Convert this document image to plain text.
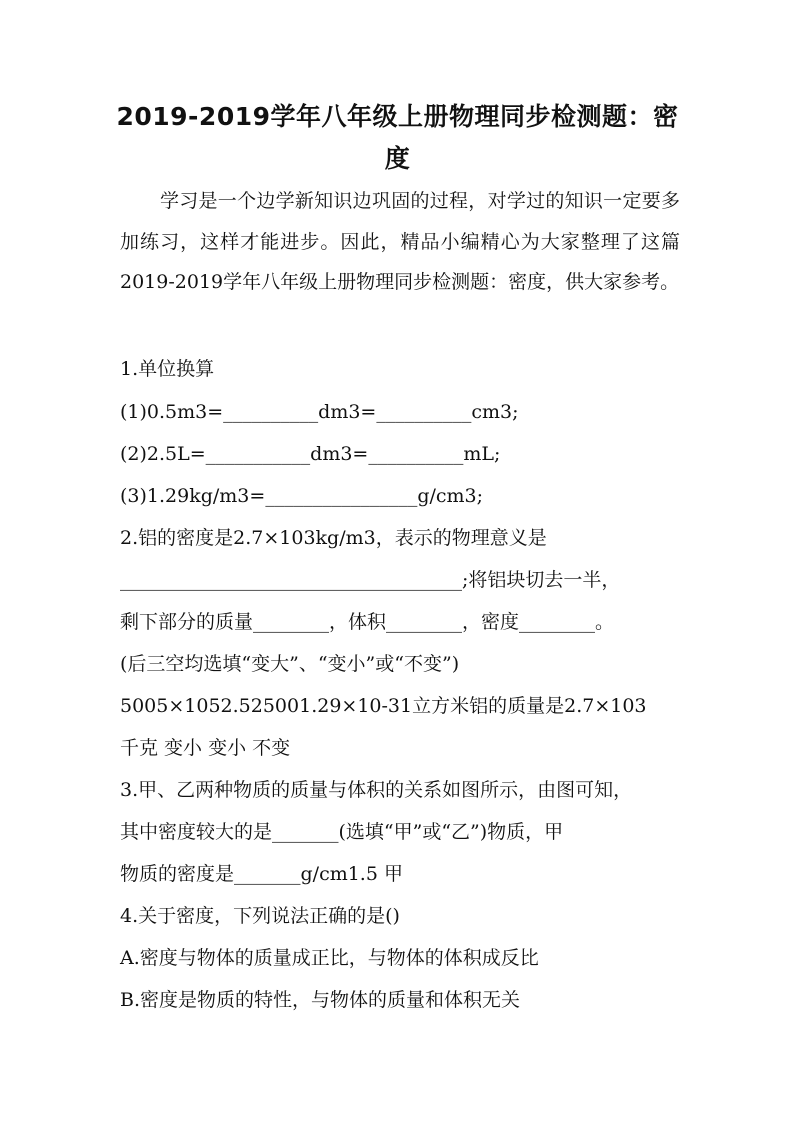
2019-2019学年八年级上册物理同步检测题：密度

学习是一个边学新知识边巩固的过程，对学过的知识一定要多加练习，这样才能进步。因此，精品小编精心为大家整理了这篇2019-2019学年八年级上册物理同步检测题：密度，供大家参考。

1.单位换算
(1)0.5m3=__________dm3=__________cm3;
(2)2.5L=___________dm3=__________mL;
(3)1.29kg/m3=________________g/cm3;
2.铝的密度是2.7×103kg/m3，表示的物理意义是
____________________________________;将铝块切去一半，
剩下部分的质量________，体积________，密度________。
(后三空均选填“变大”、“变小”或“不变”)
5005×1052.525001.29×10-31立方米铝的质量是2.7×103
千克 变小 变小 不变
3.甲、乙两种物质的质量与体积的关系如图所示，由图可知，
其中密度较大的是_______(选填“甲”或“乙”)物质，甲
物质的密度是_______g/cm1.5 甲
4.关于密度，下列说法正确的是()
A.密度与物体的质量成正比，与物体的体积成反比
B.密度是物质的特性，与物体的质量和体积无关
